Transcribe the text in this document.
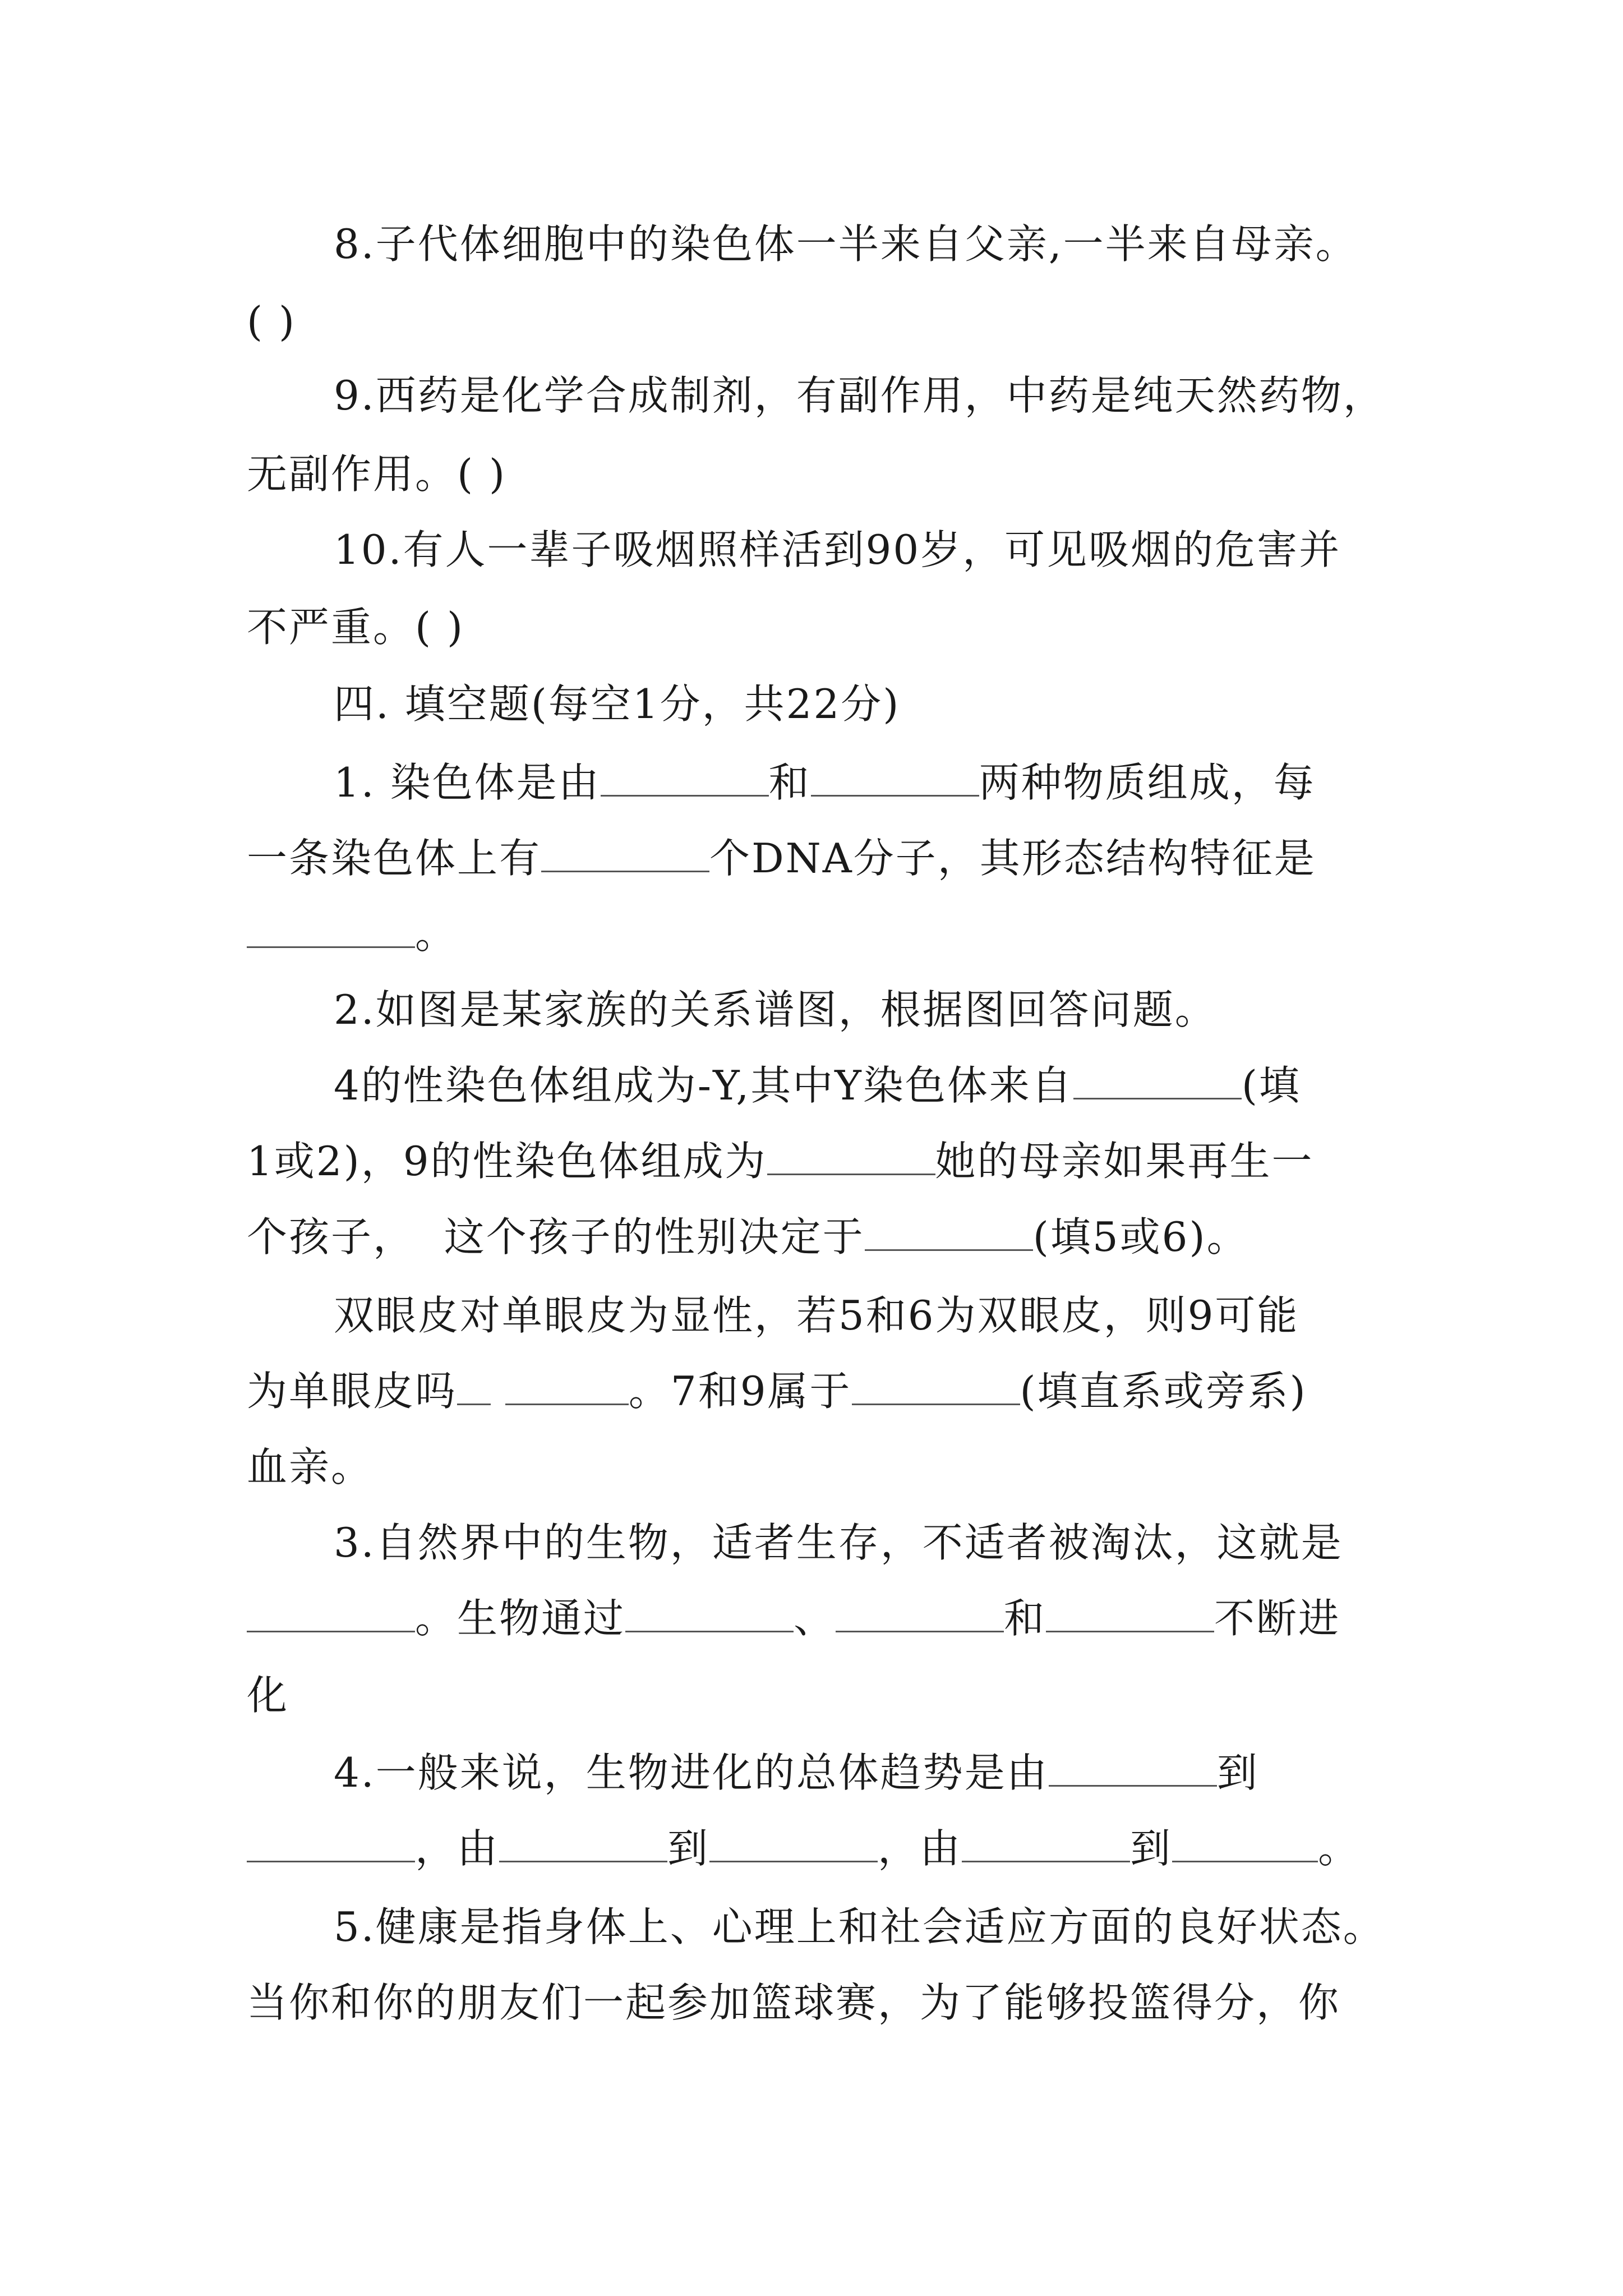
8.子代体细胞中的染色体一半来自父亲,一半来自母亲。
( )
9.西药是化学合成制剂，有副作用，中药是纯天然药物，
无副作用。( )
10.有人一辈子吸烟照样活到90岁，可见吸烟的危害并
不严重。( )
四. 填空题(每空1分，共22分)
1. 染色体是由	和	两种物质组成，每
一条染色体上有	个DNA分子，其形态结构特征是
。
2.如图是某家族的关系谱图，根据图回答问题。
4的性染色体组成为-Y,其中Y染色体来自	(填
1或2)，9的性染色体组成为	她的母亲如果再生一
个孩子，  这个孩子的性别决定于	(填5或6)。
双眼皮对单眼皮为显性，若5和6为双眼皮，则9可能
为单眼皮吗	。7和9属于	(填直系或旁系)
血亲。
3.自然界中的生物，适者生存，不适者被淘汰，这就是
。生物通过	、	和	不断进
化
4.一般来说，生物进化的总体趋势是由	到
，由	到	，由	到	。
5.健康是指身体上、心理上和社会适应方面的良好状态。
当你和你的朋友们一起参加篮球赛，为了能够投篮得分，你
